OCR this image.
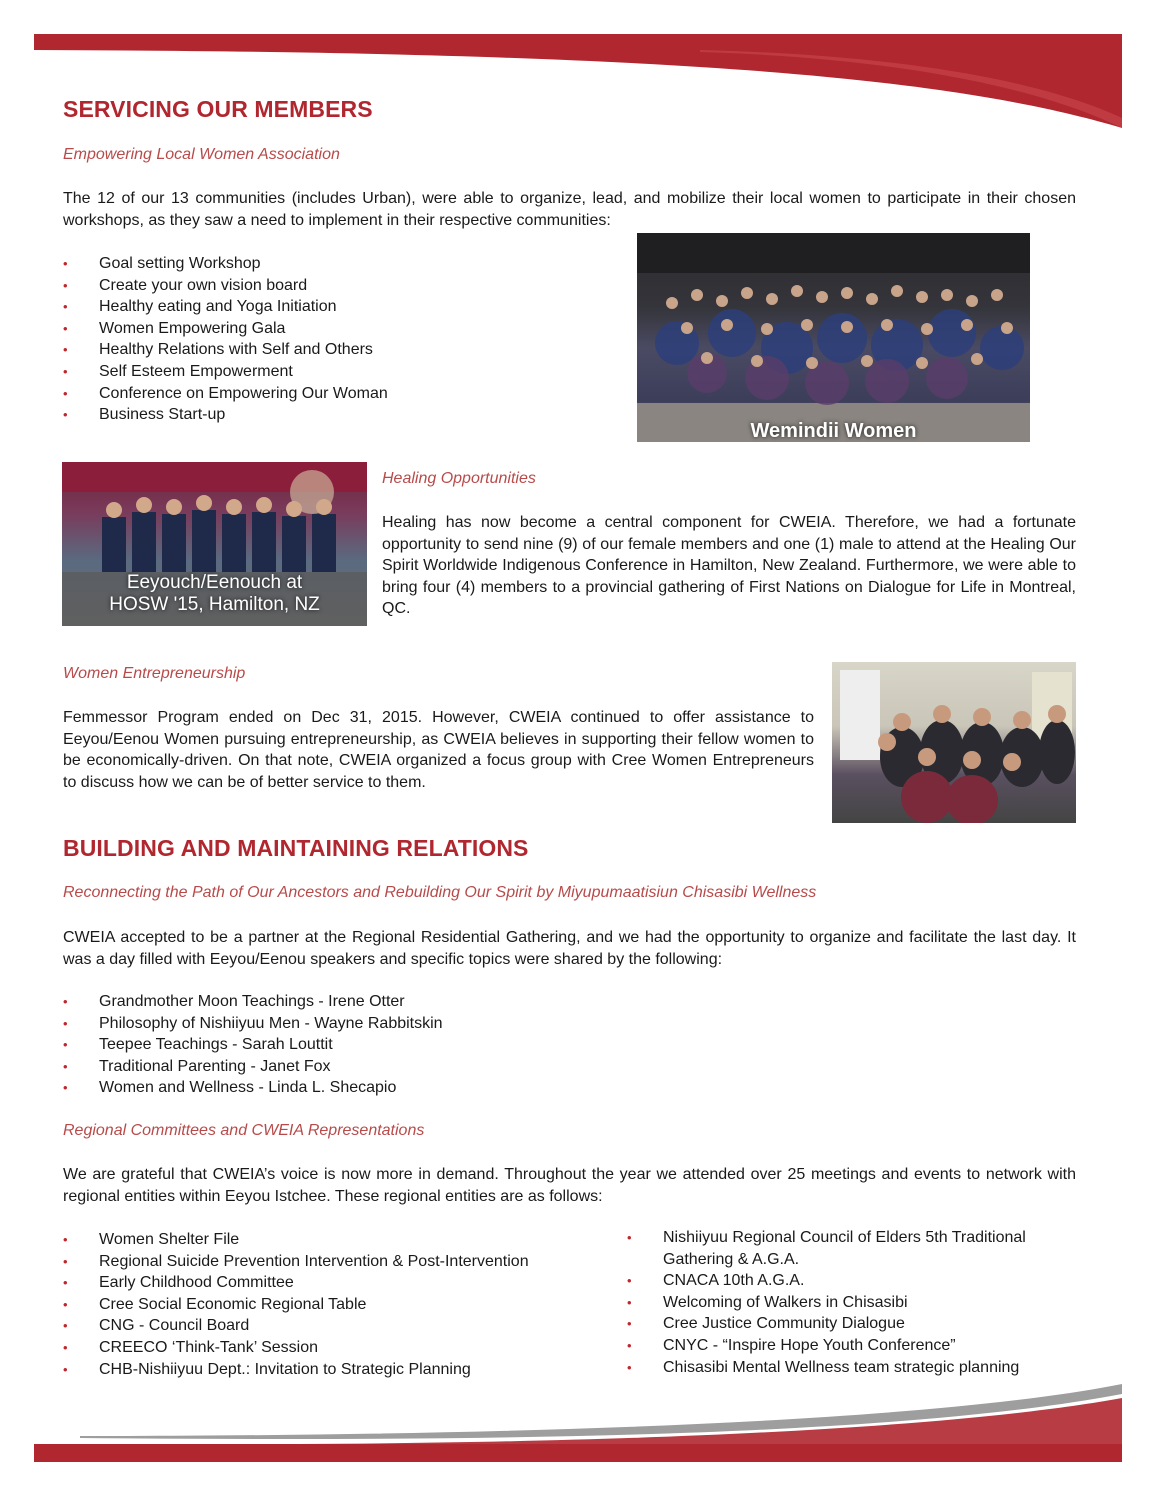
SERVICING OUR MEMBERS
Empowering Local Women Association

The 12 of our 13 communities (includes Urban), were able to organize, lead, and mobilize their local women to participate in their chosen workshops, as they saw a need to implement in their respective communities:

• Goal setting Workshop
• Create your own vision board
• Healthy eating and Yoga Initiation
• Women Empowering Gala
• Healthy Relations with Self and Others
• Self Esteem Empowerment
• Conference on Empowering Our Woman
• Business Start-up
Wemindii Women
Eeyouch/Eenouch at
HOSW '15, Hamilton, NZ
Healing Opportunities

Healing has now become a central component for CWEIA. Therefore, we had a fortunate opportunity to send nine (9) of our female members and one (1) male to attend at the Healing Our Spirit Worldwide Indigenous Conference in Hamilton, New Zealand. Furthermore, we were able to bring four (4) members to a provincial gathering of First Nations on Dialogue for Life in Montreal, QC.

Women Entrepreneurship

Femmessor Program ended on Dec 31, 2015. However, CWEIA continued to offer assistance to Eeyou/Eenou Women pursuing entrepreneurship, as CWEIA believes in supporting their fellow women to be economically-driven. On that note, CWEIA organized a focus group with Cree Women Entrepreneurs to discuss how we can be of better service to them.

BUILDING AND MAINTAINING RELATIONS
Reconnecting the Path of Our Ancestors and Rebuilding Our Spirit by Miyupumaatisiun Chisasibi Wellness

CWEIA accepted to be a partner at the Regional Residential Gathering, and we had the opportunity to organize and facilitate the last day. It was a day filled with Eeyou/Eenou speakers and specific topics were shared by the following:

• Grandmother Moon Teachings - Irene Otter
• Philosophy of Nishiiyuu Men - Wayne Rabbitskin
• Teepee Teachings - Sarah Louttit
• Traditional Parenting - Janet Fox
• Women and Wellness - Linda L. Shecapio
Regional Committees and CWEIA Representations

We are grateful that CWEIA’s voice is now more in demand. Throughout the year we attended over 25 meetings and events to network with regional entities within Eeyou Istchee. These regional entities are as follows:

• Women Shelter File
• Regional Suicide Prevention Intervention & Post-Intervention
• Early Childhood Committee
• Cree Social Economic Regional Table
• CNG - Council Board
• CREECO ‘Think-Tank’ Session
• CHB-Nishiiyuu Dept.: Invitation to Strategic Planning
• Nishiiyuu Regional Council of Elders 5th Traditional Gathering & A.G.A.
• CNACA 10th A.G.A.
• Welcoming of Walkers in Chisasibi
• Cree Justice Community Dialogue
• CNYC - “Inspire Hope Youth Conference”
• Chisasibi Mental Wellness team strategic planning
